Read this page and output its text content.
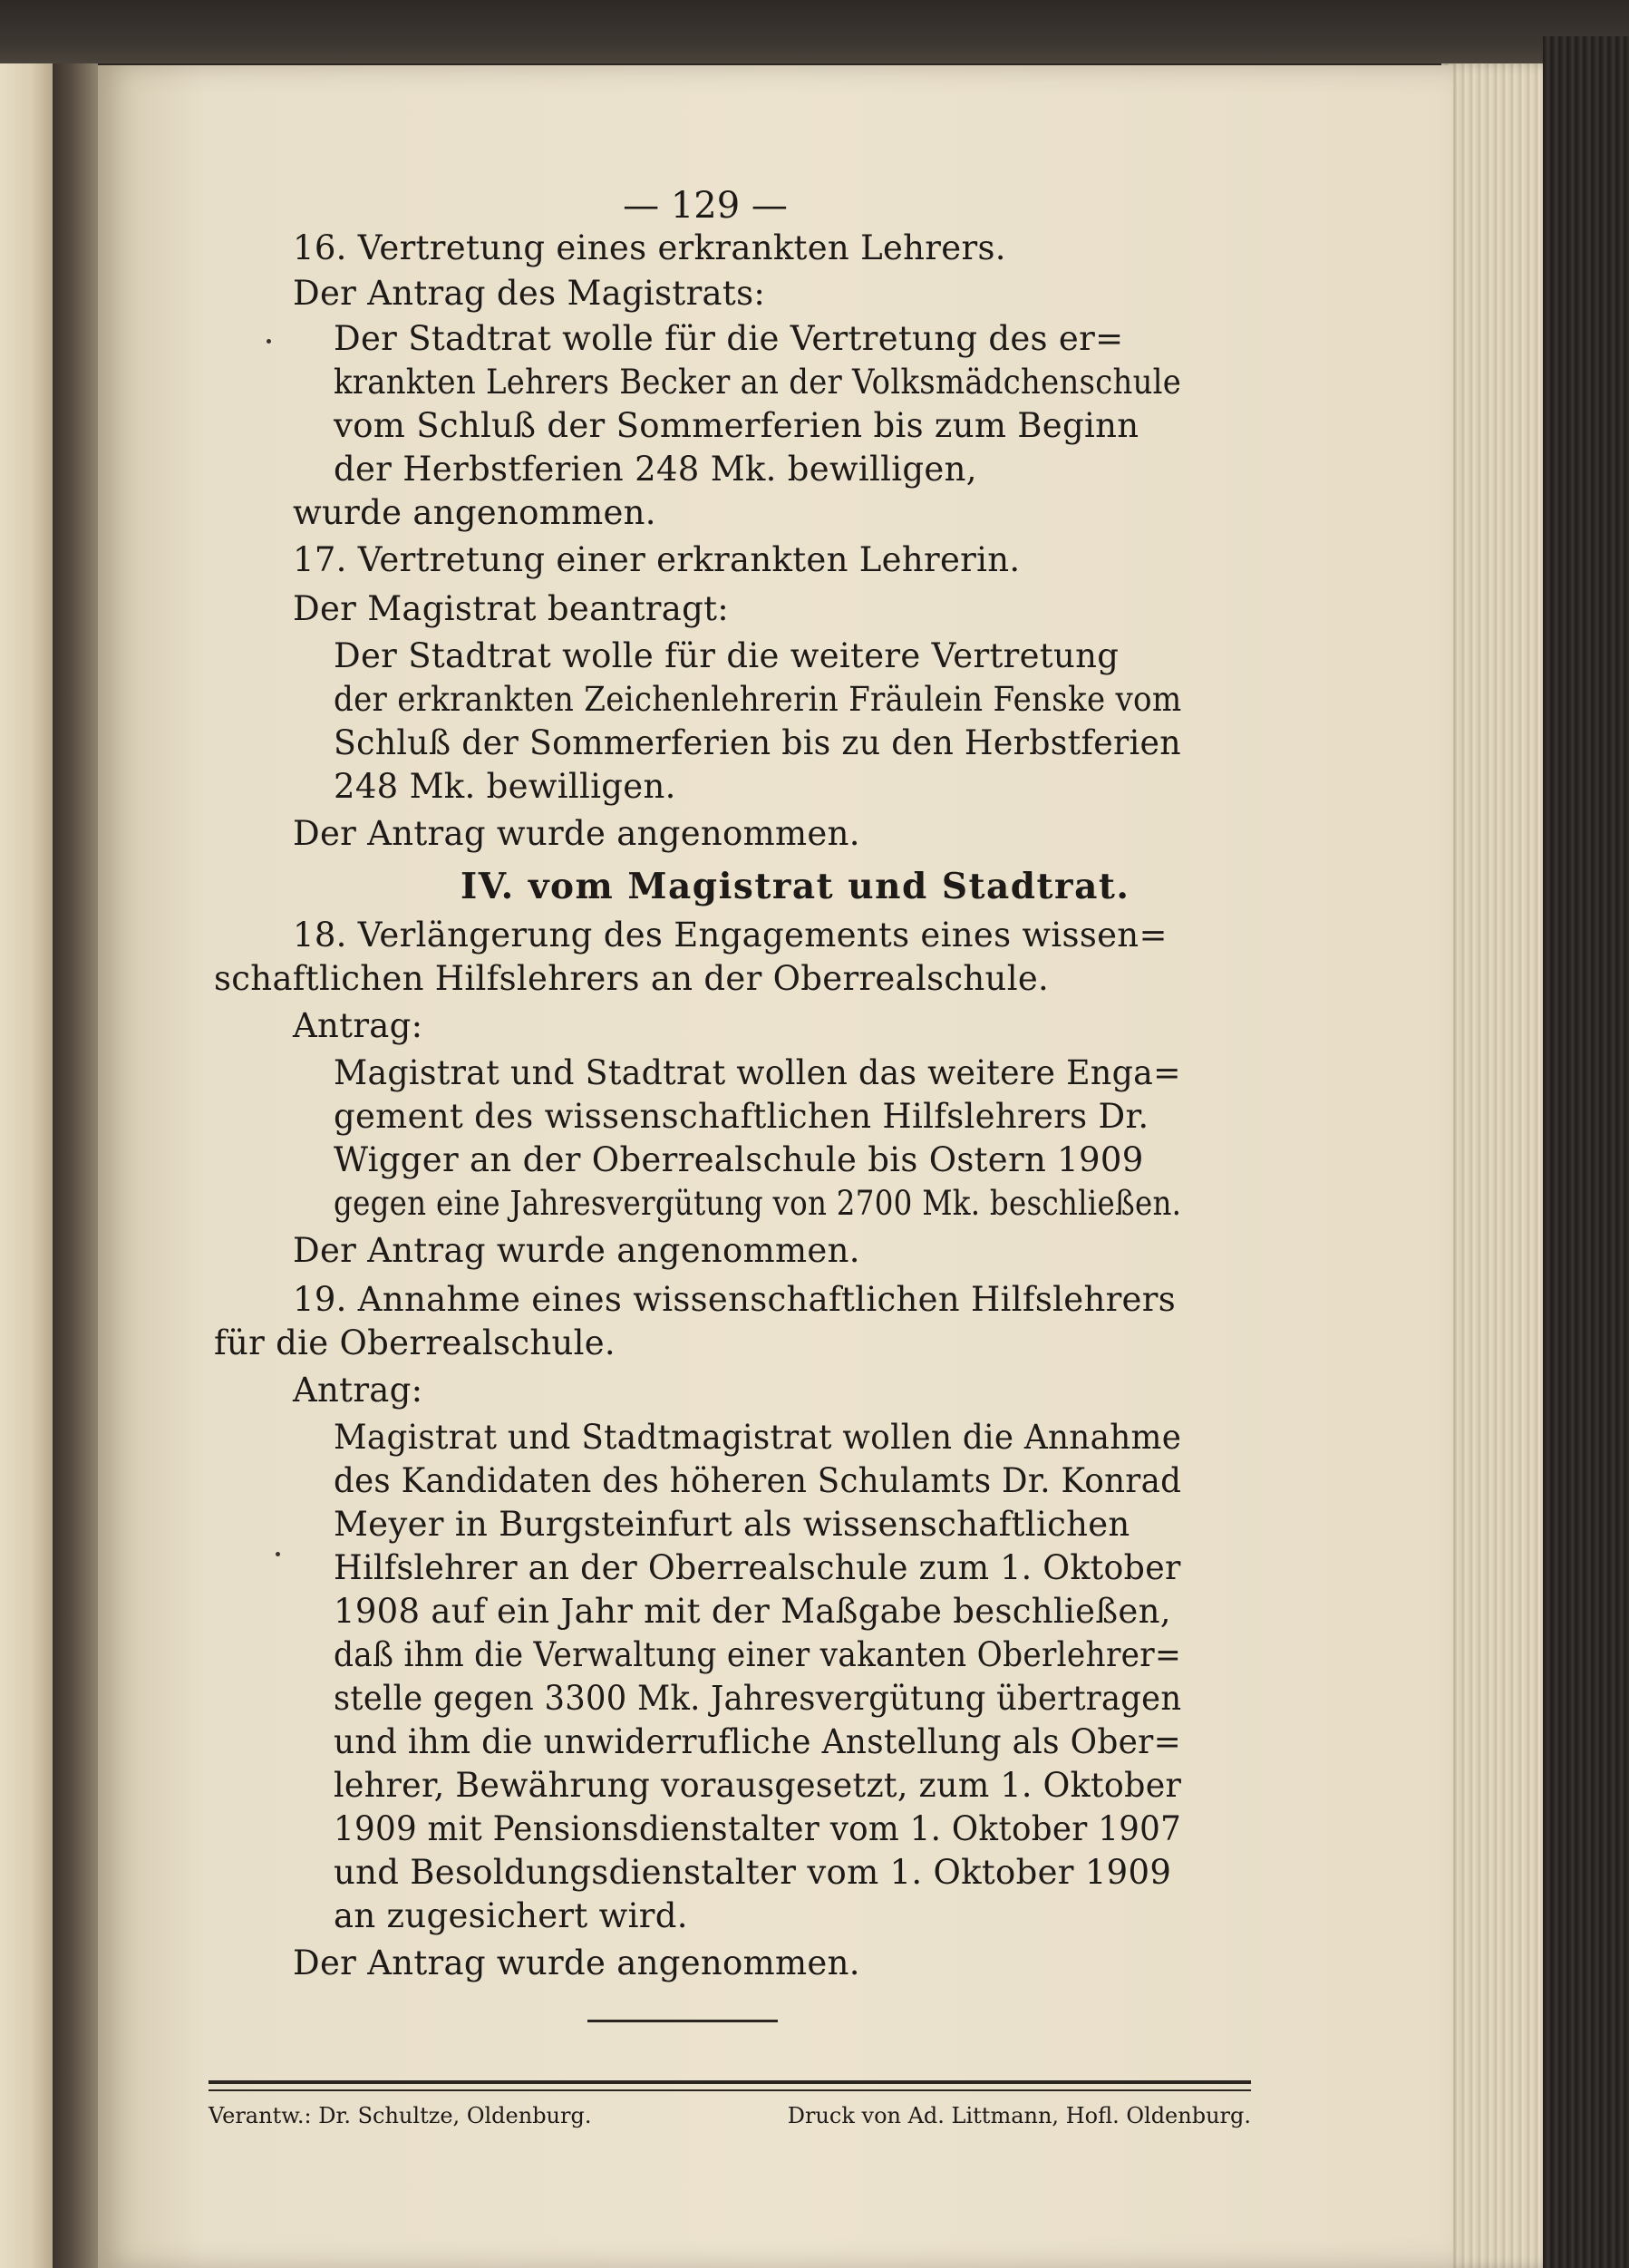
— 129 —
16. Vertretung eines erkrankten Lehrers.
Der Antrag des Magistrats:
Der Stadtrat wolle für die Vertretung des er=
krankten Lehrers Becker an der Volksmädchenschule
vom Schluß der Sommerferien bis zum Beginn
der Herbstferien 248 Mk. bewilligen,
wurde angenommen.
17. Vertretung einer erkrankten Lehrerin.
Der Magistrat beantragt:
Der Stadtrat wolle für die weitere Vertretung
der erkrankten Zeichenlehrerin Fräulein Fenske vom
Schluß der Sommerferien bis zu den Herbstferien
248 Mk. bewilligen.
Der Antrag wurde angenommen.
IV. vom Magistrat und Stadtrat.
18. Verlängerung des Engagements eines wissen=
schaftlichen Hilfslehrers an der Oberrealschule.
Antrag:
Magistrat und Stadtrat wollen das weitere Enga=
gement des wissenschaftlichen Hilfslehrers Dr.
Wigger an der Oberrealschule bis Ostern 1909
gegen eine Jahresvergütung von 2700 Mk. beschließen.
Der Antrag wurde angenommen.
19. Annahme eines wissenschaftlichen Hilfslehrers
für die Oberrealschule.
Antrag:
Magistrat und Stadtmagistrat wollen die Annahme
des Kandidaten des höheren Schulamts Dr. Konrad
Meyer in Burgsteinfurt als wissenschaftlichen
Hilfslehrer an der Oberrealschule zum 1. Oktober
1908 auf ein Jahr mit der Maßgabe beschließen,
daß ihm die Verwaltung einer vakanten Oberlehrer=
stelle gegen 3300 Mk. Jahresvergütung übertragen
und ihm die unwiderrufliche Anstellung als Ober=
lehrer, Bewährung vorausgesetzt, zum 1. Oktober
1909 mit Pensionsdienstalter vom 1. Oktober 1907
und Besoldungsdienstalter vom 1. Oktober 1909
an zugesichert wird.
Der Antrag wurde angenommen.
Verantw.: Dr. Schultze, Oldenburg.	Druck von Ad. Littmann, Hofl. Oldenburg.
